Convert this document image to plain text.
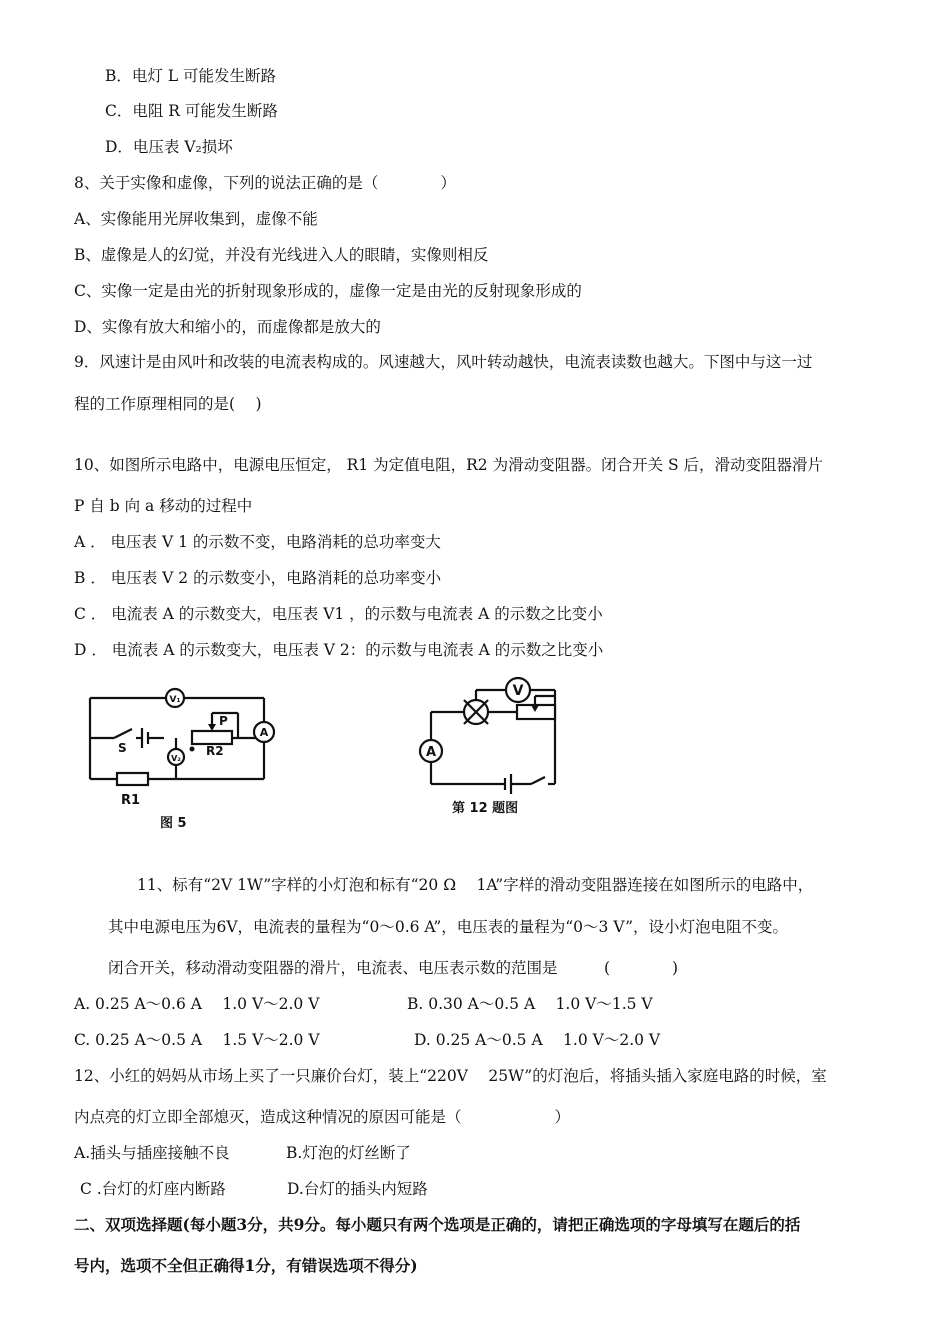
B．电灯 L 可能发生断路
C．电阻 R 可能发生断路
D．电压表 V₂损坏
8、关于实像和虚像，下列的说法正确的是（　　　　）
A、实像能用光屏收集到，虚像不能
B、虚像是人的幻觉，并没有光线进入人的眼睛，实像则相反
C、实像一定是由光的折射现象形成的，虚像一定是由光的反射现象形成的
D、实像有放大和缩小的，而虚像都是放大的
9．风速计是由风叶和改装的电流表构成的。风速越大，风叶转动越快，电流表读数也越大。下图中与这一过
程的工作原理相同的是(　 )
10、如图所示电路中，电源电压恒定， R1 为定值电阻，R2 为滑动变阻器。闭合开关 S 后，滑动变阻器滑片
P 自 b 向 a 移动的过程中
A ． 电压表 V 1 的示数不变，电路消耗的总功率变大
B ． 电压表 V 2 的示数变小，电路消耗的总功率变小
C ． 电流表 A 的示数变大，电压表 V1 ，的示数与电流表 A 的示数之比变小
D ． 电流表 A 的示数变大，电压表 V 2：的示数与电流表 A 的示数之比变小
V₁
A
V₂
S
P
R2
R1
图 5
V
A
第 12 题图
11、标有“2V 1W”字样的小灯泡和标有“20 Ω　 1A”字样的滑动变阻器连接在如图所示的电路中，
其中电源电压为6V，电流表的量程为“0～0.6 A”，电压表的量程为“0～3 V”，设小灯泡电阻不变。
闭合开关，移动滑动变阻器的滑片，电流表、电压表示数的范围是　　　(　　　　)
A. 0.25 A～0.6 A　 1.0 V～2.0 V	B. 0.30 A～0.5 A　 1.0 V～1.5 V
C. 0.25 A～0.5 A　 1.5 V～2.0 V	D. 0.25 A～0.5 A　 1.0 V～2.0 V
12、小红的妈妈从市场上买了一只廉价台灯，装上“220V　 25W”的灯泡后，将插头插入家庭电路的时候，室
内点亮的灯立即全部熄灭，造成这种情况的原因可能是（　　　　　　）
A.插头与插座接触不良	B.灯泡的灯丝断了
C .台灯的灯座内断路	D.台灯的插头内短路
二、双项选择题(每小题3分，共9分。每小题只有两个选项是正确的，请把正确选项的字母填写在题后的括
号内，选项不全但正确得1分，有错误选项不得分)
